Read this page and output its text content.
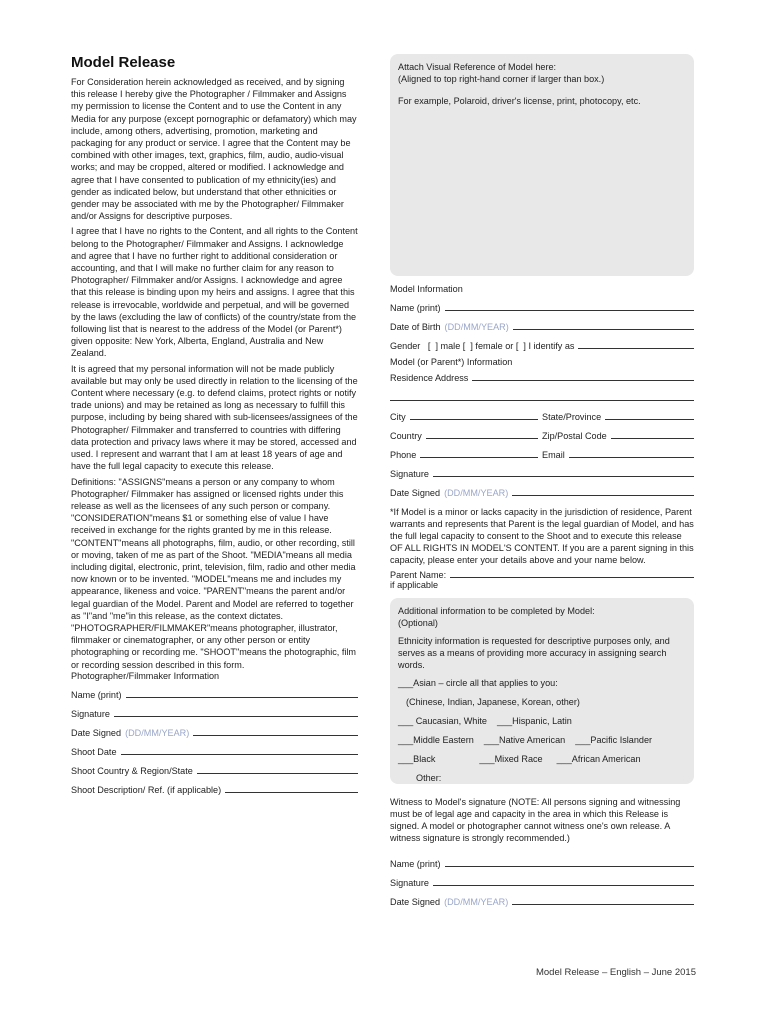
Model Release

For Consideration herein acknowledged as received, and by signing this release I hereby give the Photographer / Filmmaker and Assigns my permission to license the Content and to use the Content in any Media for any purpose (except pornographic or defamatory) which may include, among others, advertising, promotion, marketing and packaging for any product or service. I agree that the Content may be combined with other images, text, graphics, film, audio, audio-visual works; and may be cropped, altered or modified. I acknowledge and agree that I have consented to publication of my ethnicity(ies) and gender as indicated below, but understand that other ethnicities or gender may be associated with me by the Photographer/ Filmmaker and/or Assigns for descriptive purposes.

I agree that I have no rights to the Content, and all rights to the Content belong to the Photographer/ Filmmaker and Assigns. I acknowledge and agree that I have no further right to additional consideration or accounting, and that I will make no further claim for any reason to Photographer/ Filmmaker and/or Assigns. I acknowledge and agree that this release is binding upon my heirs and assigns. I agree that this release is irrevocable, worldwide and perpetual, and will be governed by the laws (excluding the law of conflicts) of the country/state from the following list that is nearest to the address of the Model (or Parent*) given opposite: New York, Alberta, England, Australia and New Zealand.

It is agreed that my personal information will not be made publicly available but may only be used directly in relation to the licensing of the Content where necessary (e.g. to defend claims, protect rights or notify trade unions) and may be retained as long as necessary to fulfill this purpose, including by being shared with sub-licensees/assignees of the Photographer/ Filmmaker and transferred to countries with differing data protection and privacy laws where it may be stored, accessed and used. I represent and warrant that I am at least 18 years of age and have the full legal capacity to execute this release.

Definitions: "ASSIGNS"means a person or any company to whom Photographer/ Filmmaker has assigned or licensed rights under this release as well as the licensees of any such person or company. "CONSIDERATION"means $1 or something else of value I have received in exchange for the rights granted by me in this release. "CONTENT"means all photographs, film, audio, or other recording, still or moving, taken of me as part of the Shoot. "MEDIA"means all media including digital, electronic, print, television, film, radio and other media now known or to be invented. "MODEL"means me and includes my appearance, likeness and voice. "PARENT"means the parent and/or legal guardian of the Model. Parent and Model are referred to together as "I"and "me"in this release, as the context dictates. "PHOTOGRAPHER/FILMMAKER"means photographer, illustrator, filmmaker or cinematographer, or any other person or entity photographing or recording me. "SHOOT"means the photographic, film or recording session described in this form.

Photographer/Filmmaker Information

Name (print)
Signature
Date Signed (DD/MM/YEAR)
Shoot Date
Shoot Country & Region/State
Shoot Description/ Ref. (if applicable)

Attach Visual Reference of Model here:
(Aligned to top right-hand corner if larger than box.)

For example, Polaroid, driver's license, print, photocopy, etc.

Model Information

Name (print)
Date of Birth (DD/MM/YEAR)
Gender   [  ] male [  ] female or [  ] I identify as

Model (or Parent*) Information

Residence Address
City	State/Province
Country	Zip/Postal Code
Phone	Email
Signature
Date Signed (DD/MM/YEAR)

*If Model is a minor or lacks capacity in the jurisdiction of residence, Parent warrants and represents that Parent is the legal guardian of Model, and has the full legal capacity to consent to the Shoot and to execute this release OF ALL RIGHTS IN MODEL'S CONTENT. If you are a parent signing in this capacity, please enter your details above and your name below.

Parent Name:
if applicable

Additional information to be completed by Model:
(Optional)

Ethnicity information is requested for descriptive purposes only, and serves as a means of providing more accuracy in assigning search words.

___Asian – circle all that applies to you:
(Chinese, Indian, Japanese, Korean, other)
___ Caucasian, White ___Hispanic, Latin
___Middle Eastern ___Native American ___Pacific Islander
___Black	___Mixed Race ___African American
Other:

Witness to Model's signature (NOTE: All persons signing and witnessing must be of legal age and capacity in the area in which this Release is signed. A model or photographer cannot witness one's own release. A witness signature is strongly recommended.)

Name (print)
Signature
Date Signed (DD/MM/YEAR)
Model Release – English – June 2015
